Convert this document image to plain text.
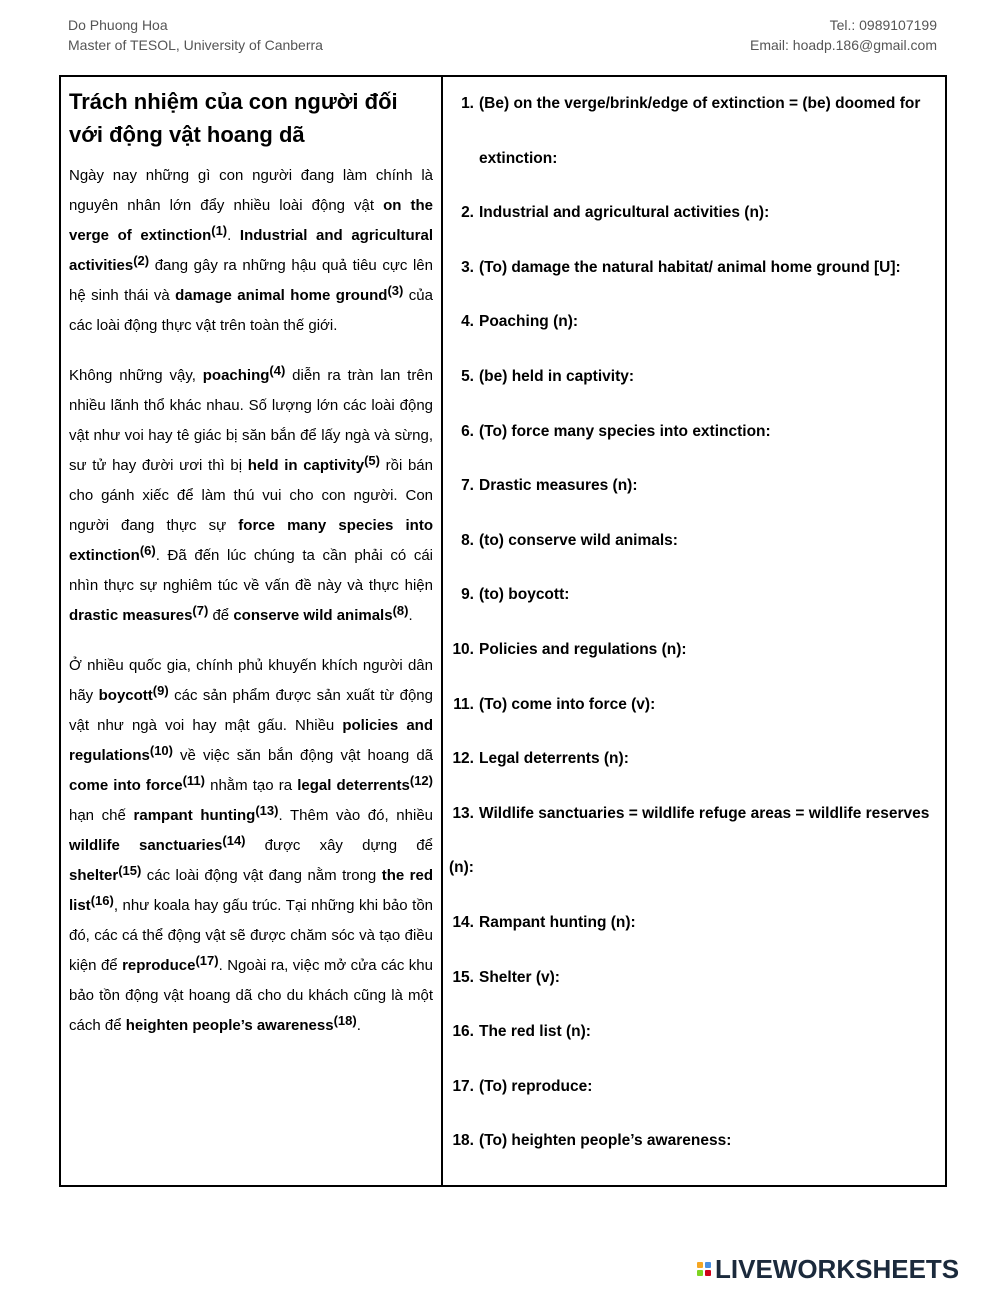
Do Phuong Hoa
Master of TESOL, University of Canberra
Tel.: 0989107199
Email: hoadp.186@gmail.com
Trách nhiệm của con người đối với động vật hoang dã

Ngày nay những gì con người đang làm chính là nguyên nhân lớn đẩy nhiều loài động vật on the verge of extinction$^{(1)}$. Industrial and agricultural activities$^{(2)}$ đang gây ra những hậu quả tiêu cực lên hệ sinh thái và damage animal home ground$^{(3)}$ của các loài động thực vật trên toàn thế giới.

Không những vậy, poaching$^{(4)}$ diễn ra tràn lan trên nhiều lãnh thổ khác nhau. Số lượng lớn các loài động vật như voi hay tê giác bị săn bắn để lấy ngà và sừng, sư tử hay đười ươi thì bị held in captivity$^{(5)}$ rồi bán cho gánh xiếc để làm thú vui cho con người. Con người đang thực sự force many species into extinction$^{(6)}$. Đã đến lúc chúng ta cần phải có cái nhìn thực sự nghiêm túc về vấn đề này và thực hiện drastic measures$^{(7)}$ để conserve wild animals$^{(8)}$.

Ở nhiều quốc gia, chính phủ khuyến khích người dân hãy boycott$^{(9)}$ các sản phẩm được sản xuất từ động vật như ngà voi hay mật gấu. Nhiều policies and regulations$^{(10)}$ về việc săn bắn động vật hoang dã come into force$^{(11)}$ nhằm tạo ra legal deterrents$^{(12)}$ hạn chế rampant hunting$^{(13)}$. Thêm vào đó, nhiều wildlife sanctuaries$^{(14)}$ được xây dựng để shelter$^{(15)}$ các loài động vật đang nằm trong the red list$^{(16)}$, như koala hay gấu trúc. Tại những khi bảo tồn đó, các cá thể động vật sẽ được chăm sóc và tạo điều kiện để reproduce$^{(17)}$. Ngoài ra, việc mở cửa các khu bảo tồn động vật hoang dã cho du khách cũng là một cách để heighten people’s awareness$^{(18)}$.

1. (Be) on the verge/brink/edge of extinction = (be) doomed for
extinction:
2. Industrial and agricultural activities (n):
3. (To) damage the natural habitat/ animal home ground [U]:
4. Poaching (n):
5. (be) held in captivity:
6. (To) force many species into extinction:
7. Drastic measures (n):
8. (to) conserve wild animals:
9. (to) boycott:
10. Policies and regulations (n):
11. (To) come into force (v):
12. Legal deterrents (n):
13. Wildlife sanctuaries = wildlife refuge areas = wildlife reserves
(n):
14. Rampant hunting (n):
15. Shelter (v):
16. The red list (n):
17. (To) reproduce:
18. (To) heighten people’s awareness:
LIVEWORKSHEETS
